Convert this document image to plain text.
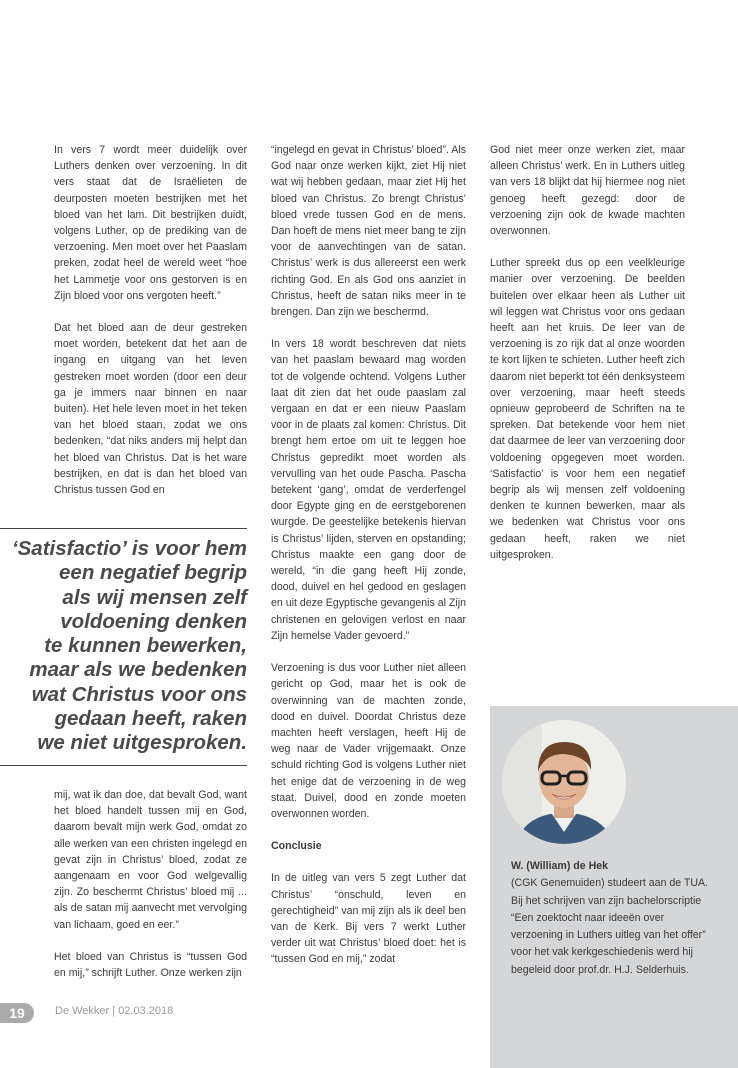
In vers 7 wordt meer duidelijk over Luthers denken over verzoening. In dit vers staat dat de Israëlieten de deurposten moeten bestrijken met het bloed van het lam. Dit bestrijken duidt, volgens Luther, op de prediking van de verzoening. Men moet over het Paaslam preken, zodat heel de wereld weet “hoe het Lammetje voor ons gestorven is en Zijn bloed voor ons vergoten heeft.”

Dat het bloed aan de deur gestreken moet worden, betekent dat het aan de ingang en uitgang van het leven gestreken moet worden (door een deur ga je immers naar binnen en naar buiten). Het hele leven moet in het teken van het bloed staan, zodat we ons bedenken, “dat niks anders mij helpt dan het bloed van Christus. Dat is het ware bestrijken, en dat is dan het bloed van Christus tussen God en

‘Satisfactio’ is voor hem
een negatief begrip
als wij mensen zelf
voldoening denken
te kunnen bewerken,
maar als we bedenken
wat Christus voor ons
gedaan heeft, raken
we niet uitgesproken.

mij, wat ik dan doe, dat bevalt God, want het bloed handelt tussen mij en God, daarom bevalt mijn werk God, omdat zo alle werken van een christen ingelegd en gevat zijn in Christus’ bloed, zodat ze aangenaam en voor God welgevallig zijn. Zo beschermt Christus’ bloed mij ... als de satan mij aanvecht met vervolging van lichaam, goed en eer.”

Het bloed van Christus is “tussen God en mij,” schrijft Luther. Onze werken zijn

“ingelegd en gevat in Christus’ bloed”. Als God naar onze werken kijkt, ziet Hij niet wat wij hebben gedaan, maar ziet Hij het bloed van Christus. Zo brengt Christus’ bloed vrede tussen God en de mens. Dan hoeft de mens niet meer bang te zijn voor de aanvechtingen van de satan. Christus’ werk is dus allereerst een werk richting God. En als God ons aanziet in Christus, heeft de satan niks meer in te brengen. Dan zijn we beschermd.

In vers 18 wordt beschreven dat niets van het paaslam bewaard mag worden tot de volgende ochtend. Volgens Luther laat dit zien dat het oude paaslam zal vergaan en dat er een nieuw Paaslam voor in de plaats zal komen: Christus. Dit brengt hem ertoe om uit te leggen hoe Christus gepredikt moet worden als vervulling van het oude Pascha. Pascha betekent ‘gang’, omdat de verderfengel door Egypte ging en de eerstgeborenen wurgde. De geestelijke betekenis hiervan is Christus’ lijden, sterven en opstanding; Christus maakte een gang door de wereld, “in die gang heeft Hij zonde, dood, duivel en hel gedood en geslagen en uit deze Egyptische gevangenis al Zijn christenen en gelovigen verlost en naar Zijn hemelse Vader gevoerd.”

Verzoening is dus voor Luther niet alleen gericht op God, maar het is ook de overwinning van de machten zonde, dood en duivel. Doordat Christus deze machten heeft verslagen, heeft Hij de weg naar de Vader vrijgemaakt. Onze schuld richting God is volgens Luther niet het enige dat de verzoening in de weg staat. Duivel, dood en zonde moeten overwonnen worden.

Conclusie

In de uitleg van vers 5 zegt Luther dat Christus’ “onschuld, leven en gerechtigheid” van mij zijn als ik deel ben van de Kerk. Bij vers 7 werkt Luther verder uit wat Christus’ bloed doet: het is “tussen God en mij,” zodat

God niet meer onze werken ziet, maar alleen Christus’ werk. En in Luthers uitleg van vers 18 blijkt dat hij hiermee nog niet genoeg heeft gezegd: door de verzoening zijn ook de kwade machten overwonnen.

Luther spreekt dus op een veelkleurige manier over verzoening. De beelden buitelen over elkaar heen als Luther uit wil leggen wat Christus voor ons gedaan heeft aan het kruis. De leer van de verzoening is zo rijk dat al onze woorden te kort lijken te schieten. Luther heeft zich daarom niet beperkt tot één denksysteem over verzoening, maar heeft steeds opnieuw geprobeerd de Schriften na te spreken. Dat betekende voor hem niet dat daarmee de leer van verzoening door voldoening opgegeven moet worden. ‘Satisfactio’ is voor hem een negatief begrip als wij mensen zelf voldoening denken te kunnen bewerken, maar als we bedenken wat Christus voor ons gedaan heeft, raken we niet uitgesproken.

W. (William) de Hek
(CGK Genemuiden) studeert aan de TUA. Bij het schrijven van zijn bachelorscriptie “Een zoektocht naar ideeën over verzoening in Luthers uitleg van het offer” voor het vak kerkgeschiedenis werd hij begeleid door prof.dr. H.J. Selderhuis.
19	De Wekker | 02.03.2018
